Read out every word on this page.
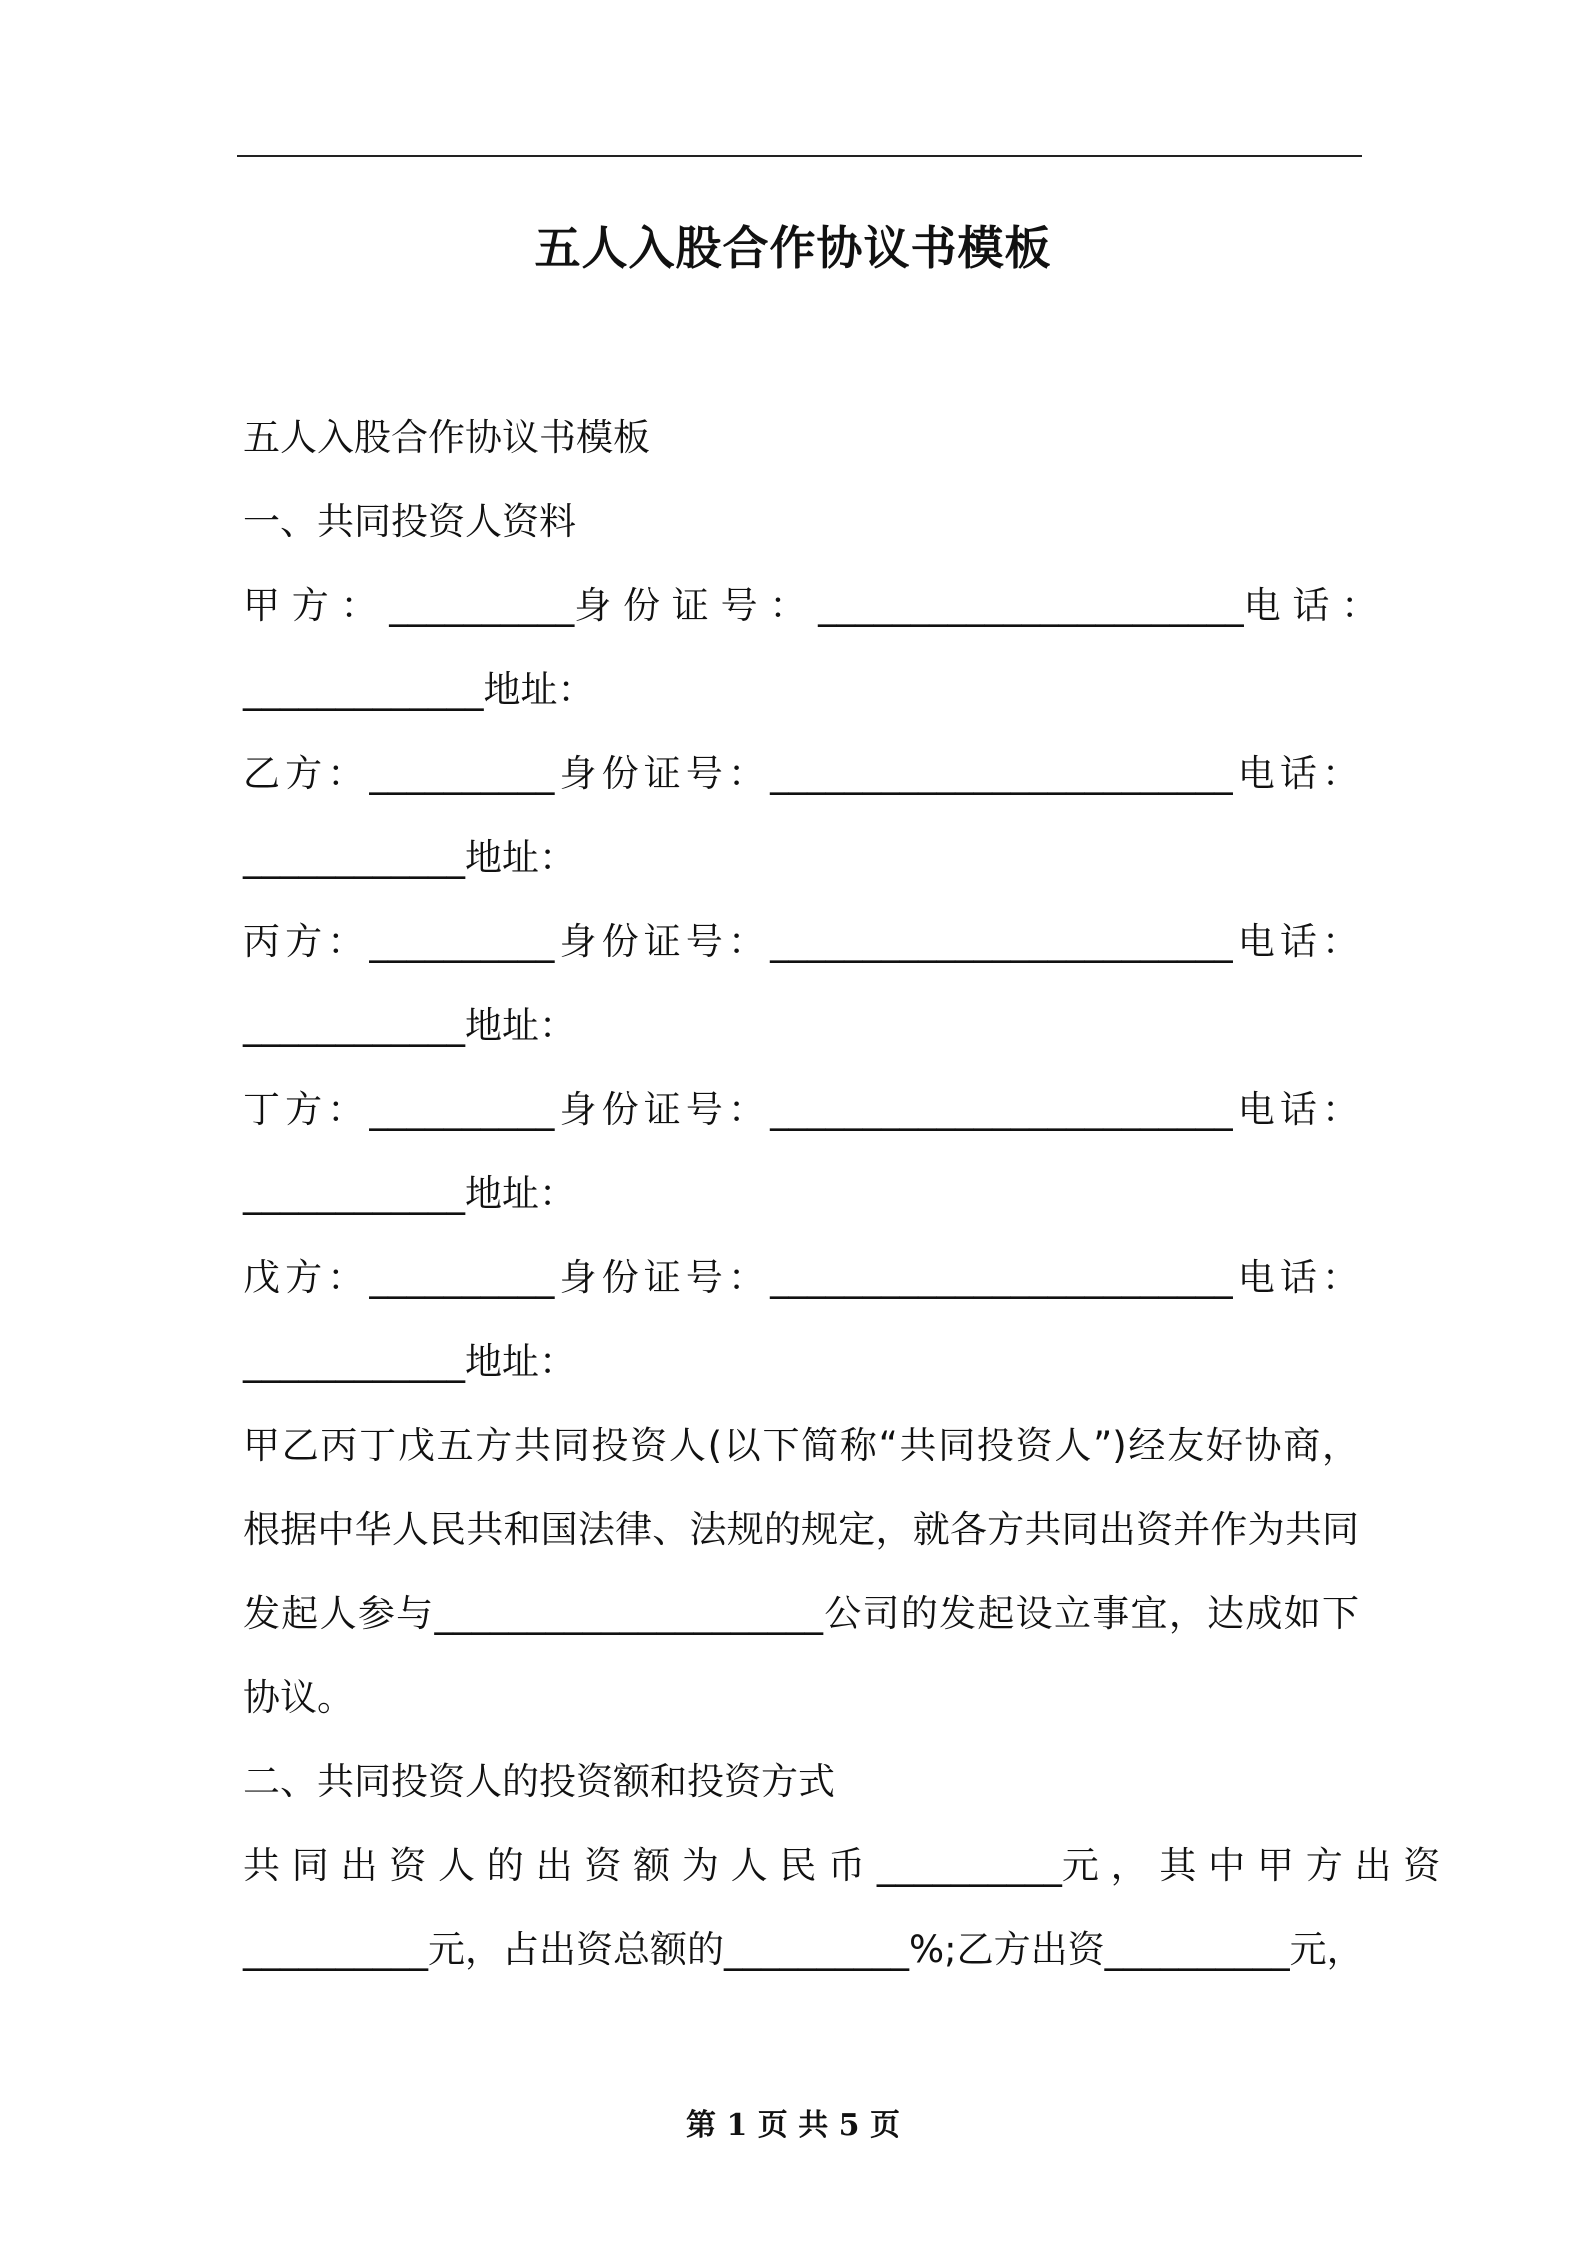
五人入股合作协议书模板
五人入股合作协议书模板
一、共同投资人资料
甲 方 ： __________身 份 证 号 ： _______________________电 话 ：
_____________地址：
乙方：__________身份证号：_________________________电话：
____________地址：
丙方：__________身份证号：_________________________电话：
____________地址：
丁方：__________身份证号：_________________________电话：
____________地址：
戊方：__________身份证号：_________________________电话：
____________地址：
甲乙丙丁戊五方共同投资人(以下简称“共同投资人”)经友好协商，
根据中华人民共和国法律、法规的规定，就各方共同出资并作为共同
发起人参与_____________________公司的发起设立事宜，达成如下
协议。
二、共同投资人的投资额和投资方式
共 同 出 资 人 的 出 资 额 为 人 民 币 __________元 ， 其 中 甲 方 出 资
__________元，占出资总额的__________%;乙方出资__________元，
第 1 页 共 5 页
